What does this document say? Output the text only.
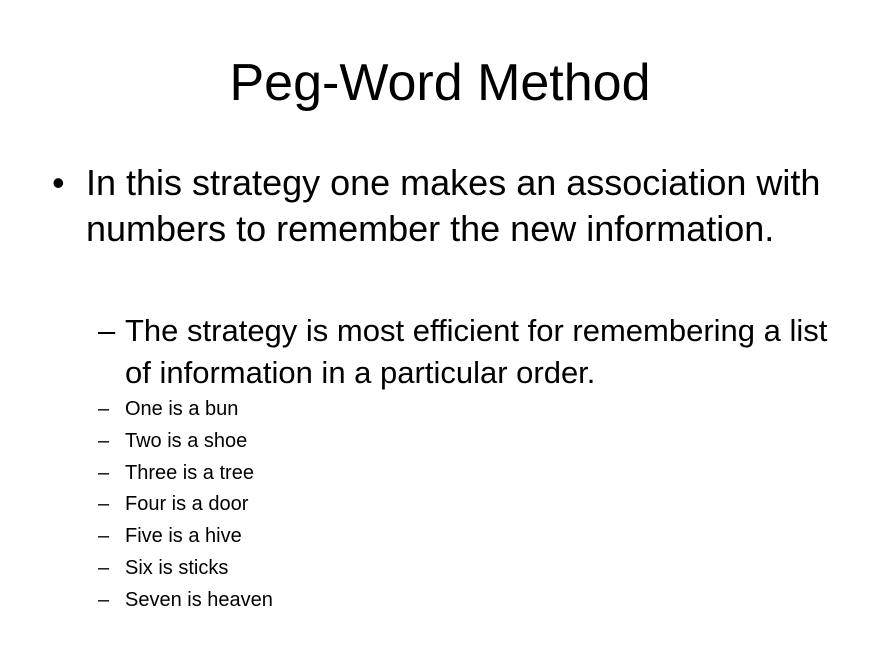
Peg-Word Method
• In this strategy one makes an association with numbers to remember the new information.
– The strategy is most efficient for remembering a list of information in a particular order.
– One is a bun
– Two is a shoe
– Three is a tree
– Four is a door
– Five is a hive
– Six is sticks
– Seven is heaven
